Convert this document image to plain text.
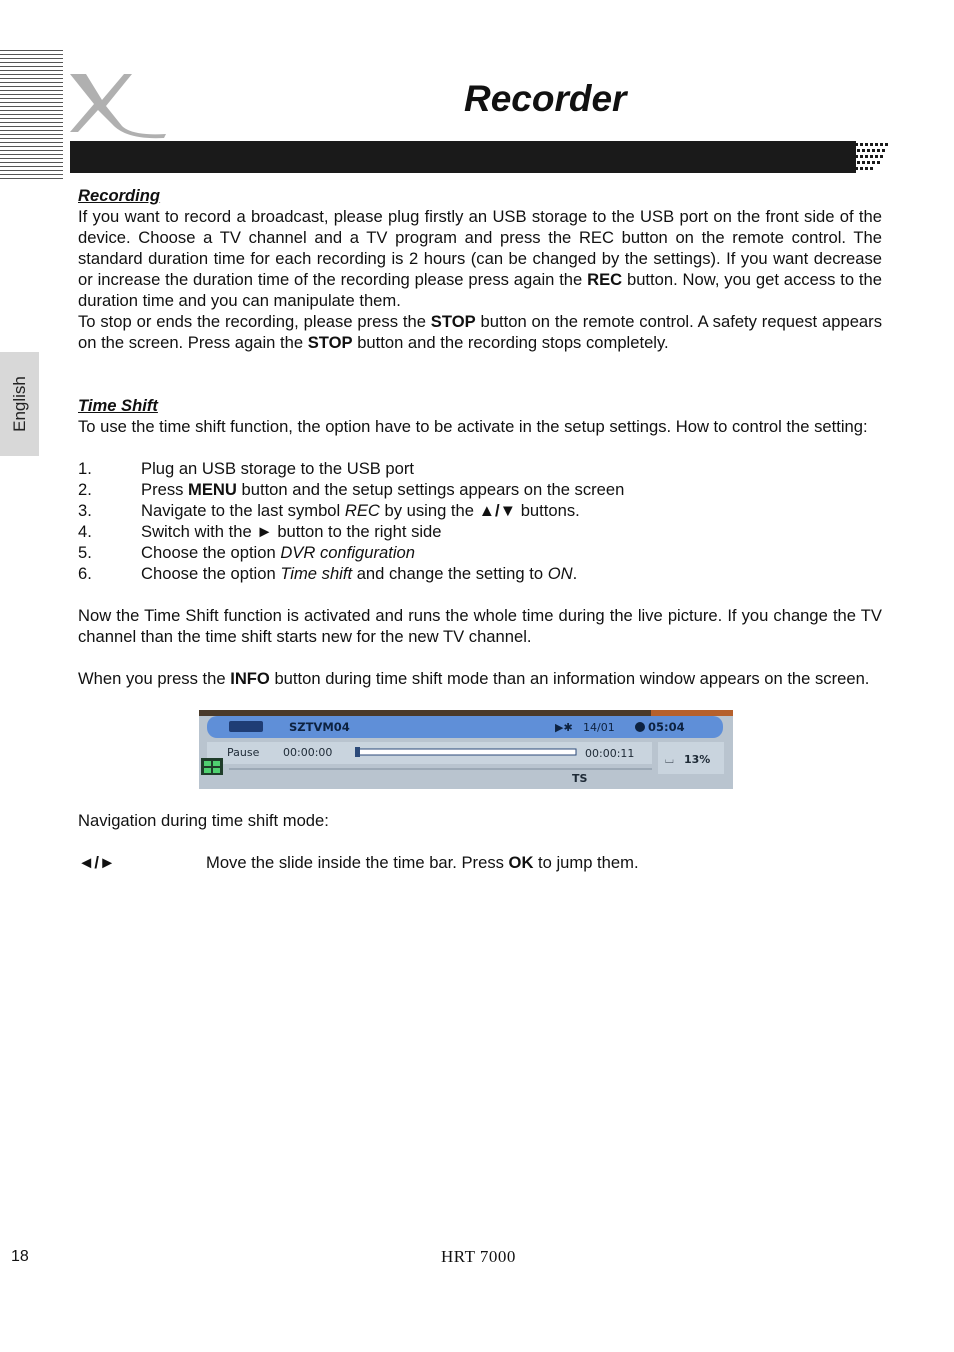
Recorder
English

Recording

If you want to record a broadcast, please plug firstly an USB storage to the USB port on the front side of the device. Choose a TV channel and a TV program and press the REC button on the remote control. The standard duration time for each recording is 2 hours (can be changed by the settings). If you want decrease or increase the duration time of the recording please press again the REC button. Now, you get access to the duration time and you can manipulate them.

To stop or ends the recording, please press the STOP button on the remote control. A safety request appears on the screen. Press again the STOP button and the recording stops completely.

Time Shift

To use the time shift function, the option have to be activate in the setup settings. How to control the setting:

1.	Plug an USB storage to the USB port
2.	Press MENU button and the setup settings appears on the screen
3.	Navigate to the last symbol REC by using the ▲/▼ buttons.
4.	Switch with the ► button to the right side
5.	Choose the option DVR configuration
6.	Choose the option Time shift and change the setting to ON.

Now the Time Shift function is activated and runs the whole time during the live picture. If you change the TV channel than the time shift starts new for the new TV channel.

When you press the INFO button during time shift mode than an information window appears on the screen.

SZTVM04	▶✱ 14/01	05:04
Pause 00:00:00	00:00:11	⌴ 13%
TS

Navigation during time shift mode:

◄/►	Move the slide inside the time bar. Press OK to jump them.
18	HRT 7000
